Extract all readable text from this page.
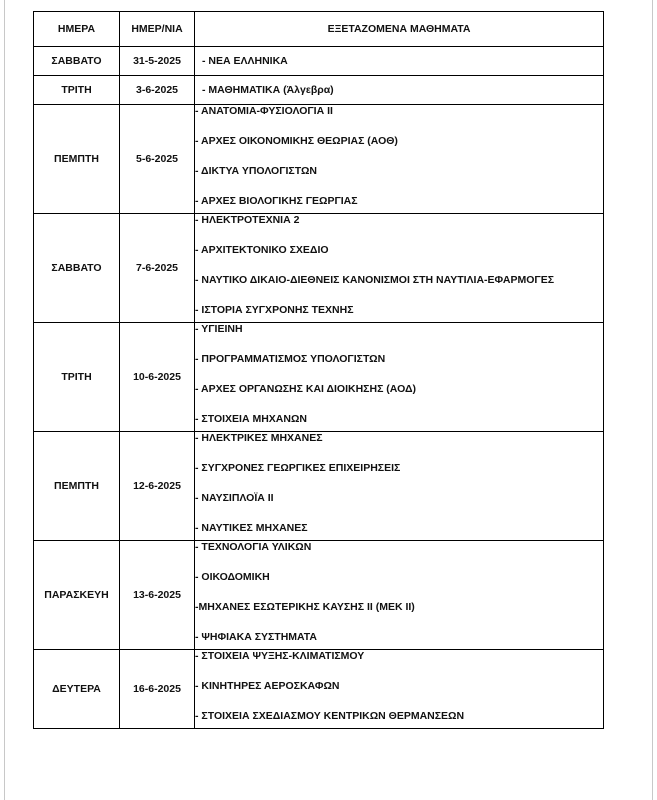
ΗΜΕΡΑ	ΗΜΕΡ/ΝΙΑ	ΕΞΕΤΑΖΟΜΕΝΑ ΜΑΘΗΜΑΤΑ
ΣΑΒΒΑΤΟ	31-5-2025	- ΝΕΑ ΕΛΛΗΝΙΚΑ

ΤΡΙΤΗ	3-6-2025	- ΜΑΘΗΜΑΤΙΚΑ (Άλγεβρα)

ΠΕΜΠΤΗ	5-6-2025	- ΑΝΑΤΟΜΙΑ-ΦΥΣΙΟΛΟΓΙΑ ΙΙ
- ΑΡΧΕΣ ΟΙΚΟΝΟΜΙΚΗΣ ΘΕΩΡΙΑΣ (ΑΟΘ)
- ΔΙΚΤΥΑ ΥΠΟΛΟΓΙΣΤΩΝ
- ΑΡΧΕΣ ΒΙΟΛΟΓΙΚΗΣ ΓΕΩΡΓΙΑΣ

ΣΑΒΒΑΤΟ	7-6-2025	- ΗΛΕΚΤΡΟΤΕΧΝΙΑ 2
- ΑΡΧΙΤΕΚΤΟΝΙΚΟ ΣΧΕΔΙΟ
- ΝΑΥΤΙΚΟ ΔΙΚΑΙΟ-ΔΙΕΘΝΕΙΣ ΚΑΝΟΝΙΣΜΟΙ ΣΤΗ ΝΑΥΤΙΛΙΑ-ΕΦΑΡΜΟΓΕΣ
- ΙΣΤΟΡΙΑ ΣΥΓΧΡΟΝΗΣ ΤΕΧΝΗΣ

ΤΡΙΤΗ	10-6-2025	- ΥΓΙΕΙΝΗ
- ΠΡΟΓΡΑΜΜΑΤΙΣΜΟΣ ΥΠΟΛΟΓΙΣΤΩΝ
- ΑΡΧΕΣ ΟΡΓΑΝΩΣΗΣ ΚΑΙ ΔΙΟΙΚΗΣΗΣ (ΑΟΔ)
- ΣΤΟΙΧΕΙΑ ΜΗΧΑΝΩΝ

ΠΕΜΠΤΗ	12-6-2025	- ΗΛΕΚΤΡΙΚΕΣ ΜΗΧΑΝΕΣ
- ΣΥΓΧΡΟΝΕΣ ΓΕΩΡΓΙΚΕΣ ΕΠΙΧΕΙΡΗΣΕΙΣ
- ΝΑΥΣΙΠΛΟΪΑ ΙΙ
- ΝΑΥΤΙΚΕΣ ΜΗΧΑΝΕΣ

ΠΑΡΑΣΚΕΥΗ	13-6-2025	- ΤΕΧΝΟΛΟΓΙΑ ΥΛΙΚΩΝ
- ΟΙΚΟΔΟΜΙΚΗ
-ΜΗΧΑΝΕΣ ΕΣΩΤΕΡΙΚΗΣ ΚΑΥΣΗΣ ΙΙ (ΜΕΚ ΙΙ)
- ΨΗΦΙΑΚΑ ΣΥΣΤΗΜΑΤΑ

ΔΕΥΤΕΡΑ	16-6-2025	- ΣΤΟΙΧΕΙΑ ΨΥΞΗΣ-ΚΛΙΜΑΤΙΣΜΟΥ
- ΚΙΝΗΤΗΡΕΣ ΑΕΡΟΣΚΑΦΩΝ
- ΣΤΟΙΧΕΙΑ ΣΧΕΔΙΑΣΜΟΥ ΚΕΝΤΡΙΚΩΝ ΘΕΡΜΑΝΣΕΩΝ
